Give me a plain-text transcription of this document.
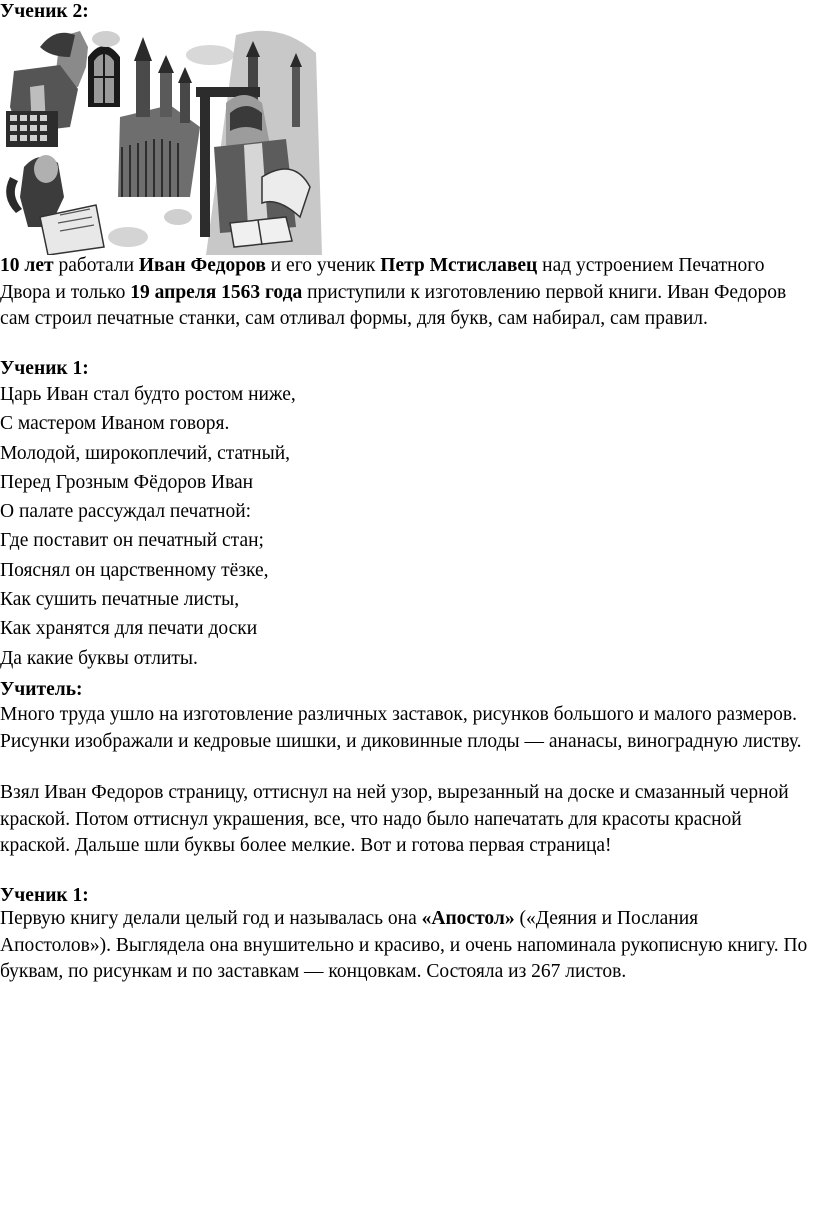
Ученик 2:

10 лет работали Иван Федоров и его ученик Петр Мстиславец над устроением Печатного Двора и только 19 апреля 1563 года приступили к изготовлению первой книги. Иван Федоров сам строил печатные станки, сам отливал формы, для букв, сам набирал, сам правил.

Ученик 1:

Царь Иван стал будто ростом ниже,

С мастером Иваном говоря.

Молодой, широкоплечий, статный,

Перед Грозным Фёдоров Иван

О палате рассуждал печатной:

Где поставит он печатный стан;

Пояснял он царственному тёзке,

Как сушить печатные листы,

Как хранятся для печати доски

Да какие буквы отлиты.

Учитель:

Много труда ушло на изготовление различных заставок, рисунков большого и малого размеров. Рисунки изображали и кедровые шишки, и диковинные плоды — ананасы, виноградную листву.

Взял Иван Федоров страницу, оттиснул на ней узор, вырезанный на доске и смазанный черной краской. Потом оттиснул украшения, все, что надо было напечатать для красоты красной краской. Дальше шли буквы более мелкие. Вот и готова первая страница!

Ученик 1:

Первую книгу делали целый год и называлась она «Апостол» («Деяния и Послания Апостолов»). Выглядела она внушительно и красиво, и очень напоминала рукописную книгу. По буквам, по рисункам и по заставкам — концовкам. Состояла из 267 листов.
